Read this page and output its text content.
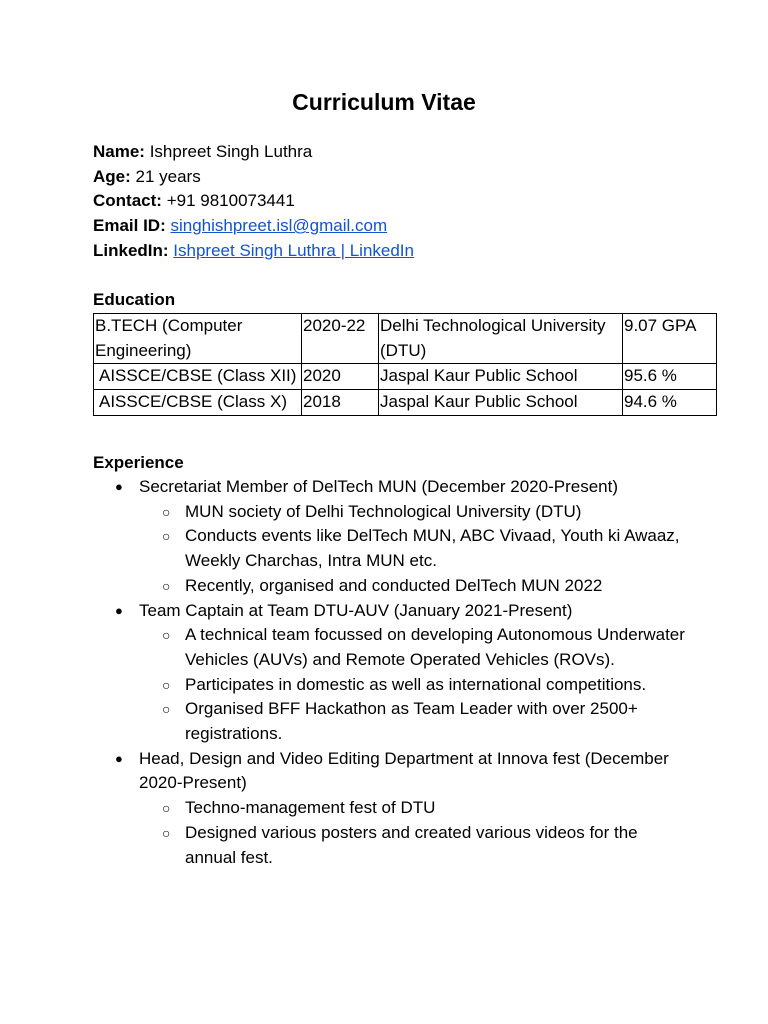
Curriculum Vitae
Name: Ishpreet Singh Luthra
Age: 21 years
Contact: +91 9810073441
Email ID: singhishpreet.isl@gmail.com
LinkedIn: Ishpreet Singh Luthra | LinkedIn
Education
B.TECH (Computer Engineering)	2020-22	Delhi Technological University (DTU)	9.07 GPA
AISSCE/CBSE (Class XII)	2020	Jaspal Kaur Public School	95.6 %
AISSCE/CBSE (Class X)	2018	Jaspal Kaur Public School	94.6 %
Experience
● Secretariat Member of DelTech MUN (December 2020-Present)
○ MUN society of Delhi Technological University (DTU)
○ Conducts events like DelTech MUN, ABC Vivaad, Youth ki Awaaz, Weekly Charchas, Intra MUN etc.
○ Recently, organised and conducted DelTech MUN 2022
● Team Captain at Team DTU-AUV (January 2021-Present)
○ A technical team focussed on developing Autonomous Underwater Vehicles (AUVs) and Remote Operated Vehicles (ROVs).
○ Participates in domestic as well as international competitions.
○ Organised BFF Hackathon as Team Leader with over 2500+ registrations.
● Head, Design and Video Editing Department at Innova fest (December 2020-Present)
○ Techno-management fest of DTU
○ Designed various posters and created various videos for the annual fest.
